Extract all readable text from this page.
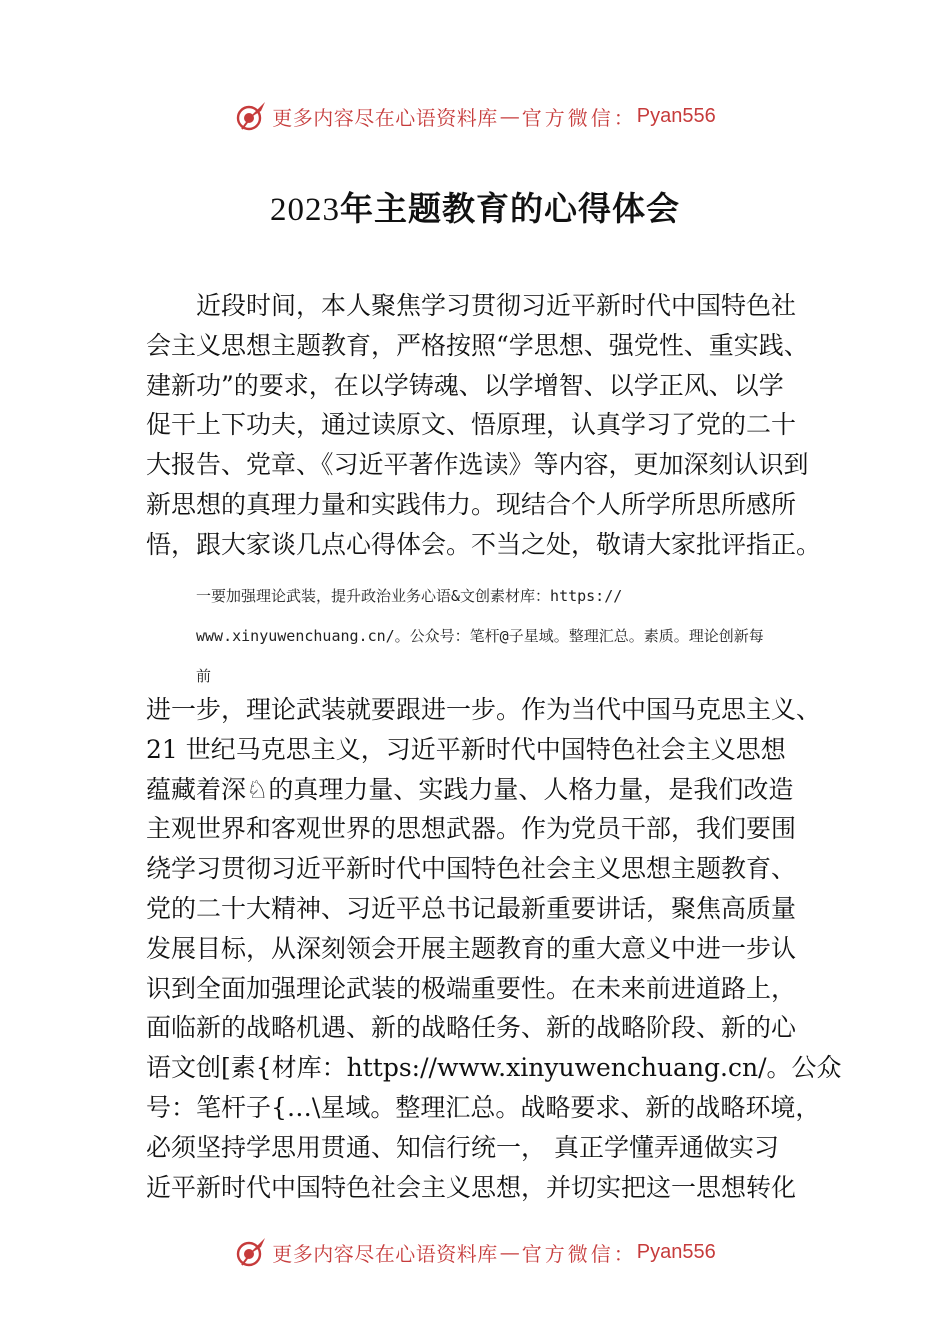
更多内容尽在心语资料库 — 官方微信： Pyan556
2023年主题教育的心得体会
近段时间，本人聚焦学习贯彻习近平新时代中国特色社
会主义思想主题教育，严格按照“学思想、强党性、重实践、
建新功”的要求，在以学铸魂、以学增智、以学正风、以学
促干上下功夫，通过读原文、悟原理，认真学习了党的二十
大报告、党章、《习近平著作选读》等内容，更加深刻认识到
新思想的真理力量和实践伟力。现结合个人所学所思所感所
悟，跟大家谈几点心得体会。不当之处，敬请大家批评指正。
一要加强理论武装，提升政治业务心语&文创素材库：https://
www.xinyuwenchuang.cn/。公众号：笔杆@子星域。整理汇总。素质。理论创新每
前
进一步，理论武装就要跟进一步。作为当代中国马克思主义、
21 世纪马克思主义，习近平新时代中国特色社会主义思想
蕴藏着深♘的真理力量、实践力量、人格力量，是我们改造
主观世界和客观世界的思想武器。作为党员干部，我们要围
绕学习贯彻习近平新时代中国特色社会主义思想主题教育、
党的二十大精神、习近平总书记最新重要讲话，聚焦高质量
发展目标，从深刻领会开展主题教育的重大意义中进一步认
识到全面加强理论武装的极端重要性。在未来前进道路上，
面临新的战略机遇、新的战略任务、新的战略阶段、新的心
语文创[素{材库：https://www.xinyuwenchuang.cn/。公众
号：笔杆子{…\星域。整理汇总。战略要求、新的战略环境，
必须坚持学思用贯通、知信行统一， 真正学懂弄通做实习
近平新时代中国特色社会主义思想，并切实把这一思想转化
更多内容尽在心语资料库 — 官方微信： Pyan556
